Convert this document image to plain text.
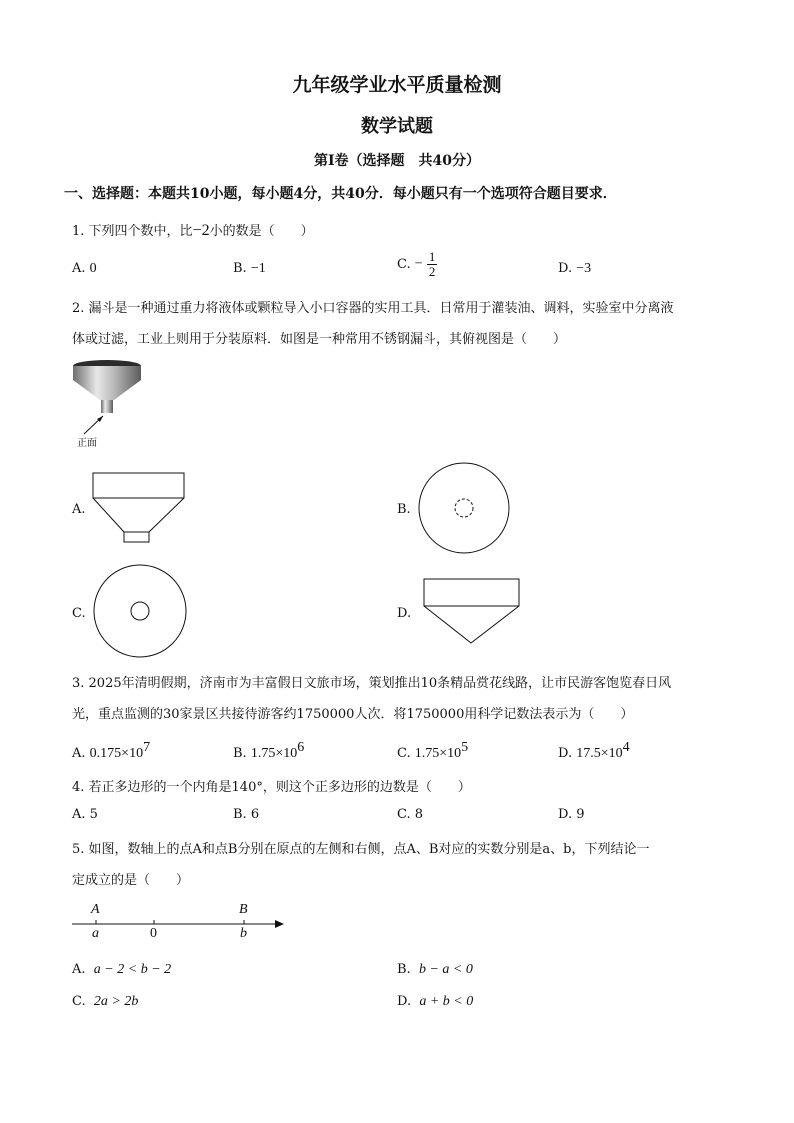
九年级学业水平质量检测
数学试题
第Ⅰ卷（选择题　共40分）
一、选择题：本题共10小题，每小题4分，共40分．每小题只有一个选项符合题目要求．
1. 下列四个数中，比−2小的数是（　　）
A. 0	B. −1	C. − $\frac{1}{2}$	D. −3
2. 漏斗是一种通过重力将液体或颗粒导入小口容器的实用工具．日常用于灌装油、调料，实验室中分离液
体或过滤，工业上则用于分装原料．如图是一种常用不锈钢漏斗，其俯视图是（　　）
正面
A.	B.
C.	D.
3. 2025年清明假期，济南市为丰富假日文旅市场，策划推出10条精品赏花线路，让市民游客饱览春日风
光，重点监测的30家景区共接待游客约1750000人次．将1750000用科学记数法表示为（　　）
A. $0.175\times 10^7$	B. $1.75\times 10^6$	C. $1.75\times 10^5$	D. $17.5\times 10^4$
4. 若正多边形的一个内角是140°，则这个正多边形的边数是（　　）
A. 5	B. 6	C. 8	D. 9
5. 如图，数轴上的点A和点B分别在原点的左侧和右侧，点A、B对应的实数分别是a、b，下列结论一
定成立的是（　　）
A
a	0
B
b
A. a − 2 < b − 2	B. b − a < 0
C. 2a > 2b	D. a + b < 0
